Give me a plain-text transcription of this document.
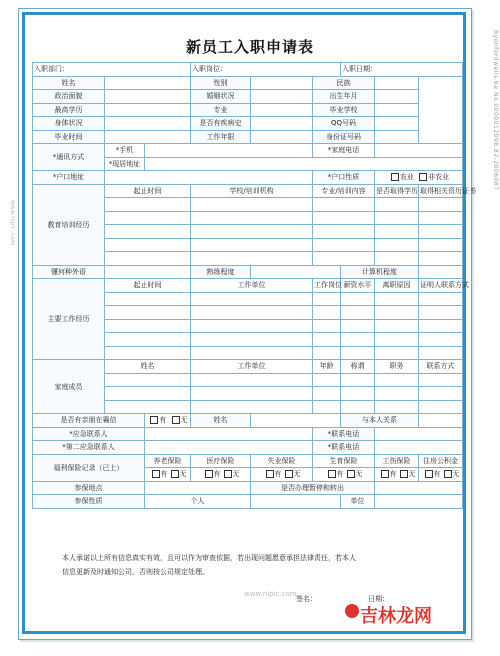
Byonfordwells.be No.0000012098.82-2006087
www.nipic.com
新员工入职申请表
入职部门：			入职岗位：			入职日期：		
姓名			性别		民族			
政治面貌			婚姻状况		出生年月			
最高学历			专业		毕业学校			
身体状况			是否有疾病史		QQ号码			
毕业时间			工作年限		身份证号码			
*通讯方式	*手机				*家庭电话			
	*现居地址							
*户口地址					*户口性质		农业 非农业	
教育培训经历	起止时间		学校/培训机构		专业/培训内容		是否取得学历	取得相关资历证书

懂何种外语			熟练程度			计算机程度		
主要工作经历	起止时间		工作单位		工作岗位	薪资水平	离职原因	证明人联系方式

家庭成员	姓名		工作单位		年龄	称谓	职务	联系方式

是否有亲朋在襄信		有 无	姓名			与本人关系		
*应急联系人					*联系电话			
*第二应急联系人					*联系电话			
福利保险记录（已上）		养老保险	医疗保险	失业保险	生育保险		工伤保险	住房公积金
		有 无	有 无	有 无	有 无		有 无	有 无
参保地点				是否办理暂停和转出				
参保性质		个人				单位		
本人承诺以上所有信息真实有效，且可以作为审查依据，若出现问题愿意承担法律责任，若本人
信息更新及时通知公司，否则按公司规定处理。
签名：	日期：
www.nipic.com
吉林龙网
